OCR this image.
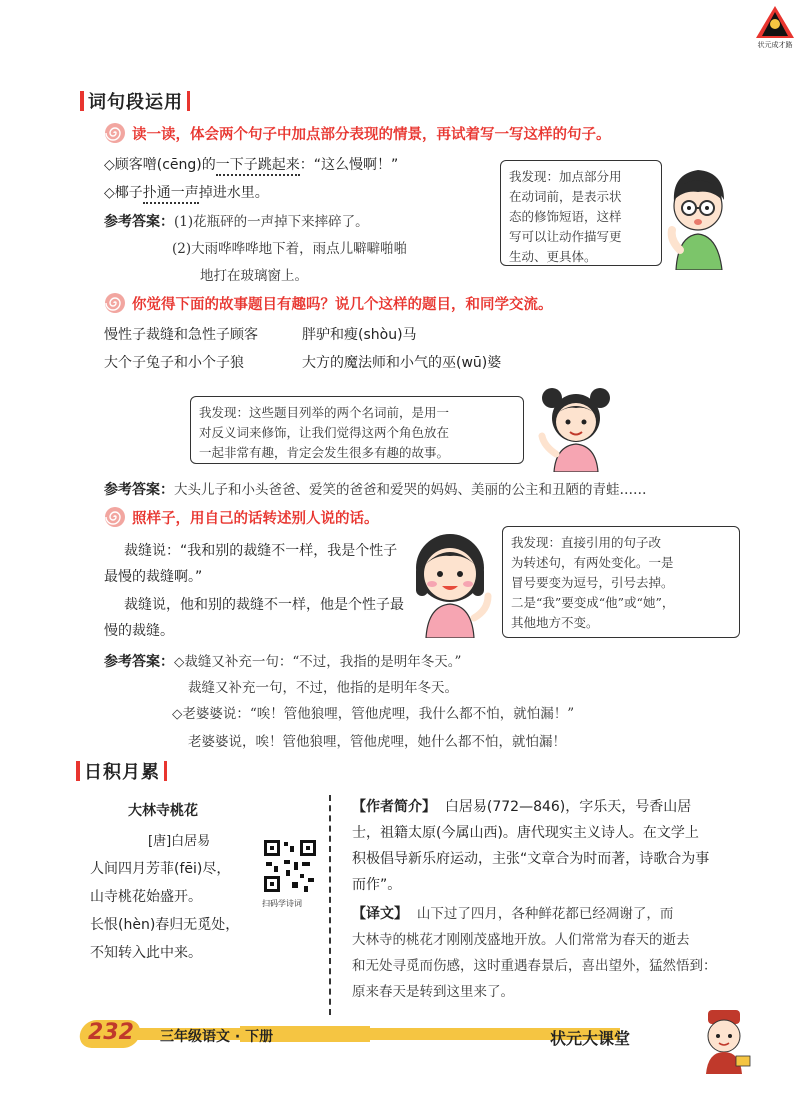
状元成才路
词句段运用
读一读，体会两个句子中加点部分表现的情景，再试着写一写这样的句子。
◇顾客噌(cēng)的一下子跳起来：“这么慢啊！”
◇椰子扑通一声掉进水里。
参考答案：(1)花瓶砰的一声掉下来摔碎了。
(2)大雨哗哗哗地下着，雨点儿噼噼啪啪
地打在玻璃窗上。

我发现：加点部分用

在动词前，是表示状

态的修饰短语，这样

写可以让动作描写更

生动、更具体。

你觉得下面的故事题目有趣吗？说几个这样的题目，和同学交流。
慢性子裁缝和急性子顾客	胖驴和瘦(shòu)马
大个子兔子和小个子狼	大方的魔法师和小气的巫(wū)婆

我发现：这些题目列举的两个名词前，是用一

对反义词来修饰，让我们觉得这两个角色放在

一起非常有趣，肯定会发生很多有趣的故事。

参考答案：大头儿子和小头爸爸、爱笑的爸爸和爱哭的妈妈、美丽的公主和丑陋的青蛙……
照样子，用自己的话转述别人说的话。
裁缝说：“我和别的裁缝不一样，我是个性子
最慢的裁缝啊。”
裁缝说，他和别的裁缝不一样，他是个性子最
慢的裁缝。

我发现：直接引用的句子改

为转述句，有两处变化。一是

冒号要变为逗号，引号去掉。

二是“我”要变成“他”或“她”，

其他地方不变。

参考答案：◇裁缝又补充一句：“不过，我指的是明年冬天。”
裁缝又补充一句，不过，他指的是明年冬天。
◇老婆婆说：“唉！管他狼哩，管他虎哩，我什么都不怕，就怕漏！”
老婆婆说，唉！管他狼哩，管他虎哩，她什么都不怕，就怕漏！
日积月累
大林寺桃花
[唐]白居易
人间四月芳菲(fēi)尽，
山寺桃花始盛开。
长恨(hèn)春归无觅处，
不知转入此中来。
扫码学诗词
【作者简介】 白居易(772—846)，字乐天，号香山居
士，祖籍太原(今属山西)。唐代现实主义诗人。在文学上
积极倡导新乐府运动，主张“文章合为时而著，诗歌合为事
而作”。
【译文】 山下过了四月，各种鲜花都已经凋谢了，而
大林寺的桃花才刚刚茂盛地开放。人们常常为春天的逝去
和无处寻觅而伤感，这时重遇春景后，喜出望外，猛然悟到：
原来春天是转到这里来了。
232 三年级语文 · 下册	状元大课堂
